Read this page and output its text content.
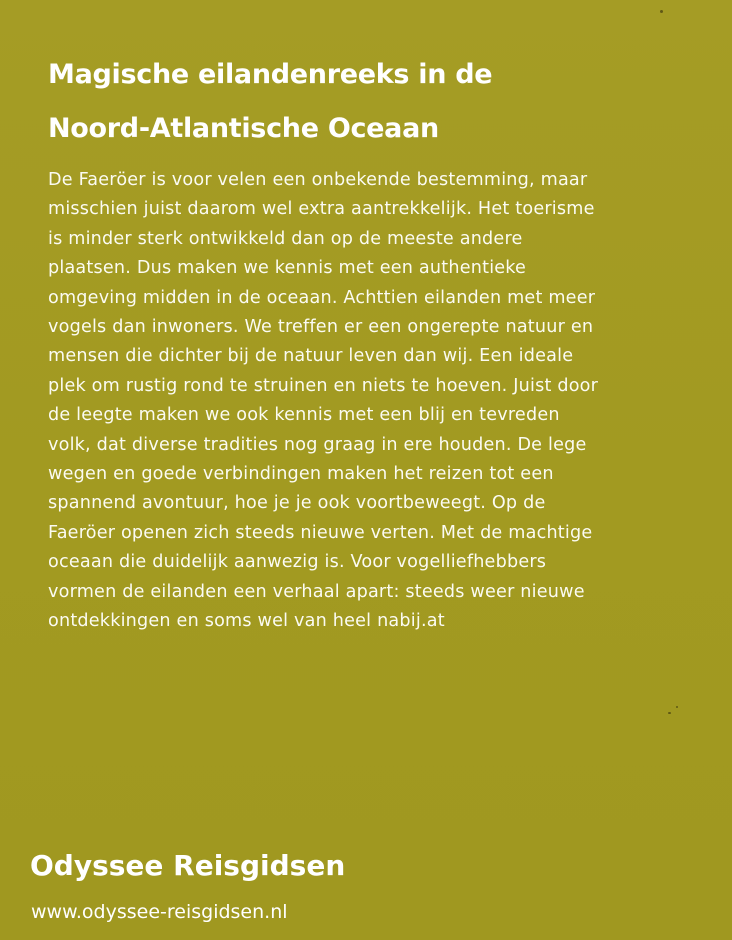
Magische eilandenreeks in de
Noord-Atlantische Oceaan
De Faeröer is voor velen een onbekende bestemming, maar
misschien juist daarom wel extra aantrekkelijk. Het toerisme
is minder sterk ontwikkeld dan op de meeste andere
plaatsen. Dus maken we kennis met een authentieke
omgeving midden in de oceaan. Achttien eilanden met meer
vogels dan inwoners. We treffen er een ongerepte natuur en
mensen die dichter bij de natuur leven dan wij. Een ideale
plek om rustig rond te struinen en niets te hoeven. Juist door
de leegte maken we ook kennis met een blij en tevreden
volk, dat diverse tradities nog graag in ere houden. De lege
wegen en goede verbindingen maken het reizen tot een
spannend avontuur, hoe je je ook voortbeweegt. Op de
Faeröer openen zich steeds nieuwe verten. Met de machtige
oceaan die duidelijk aanwezig is. Voor vogelliefhebbers
vormen de eilanden een verhaal apart: steeds weer nieuwe
ontdekkingen en soms wel van heel nabij.at
Odyssee Reisgidsen
www.odyssee-reisgidsen.nl
